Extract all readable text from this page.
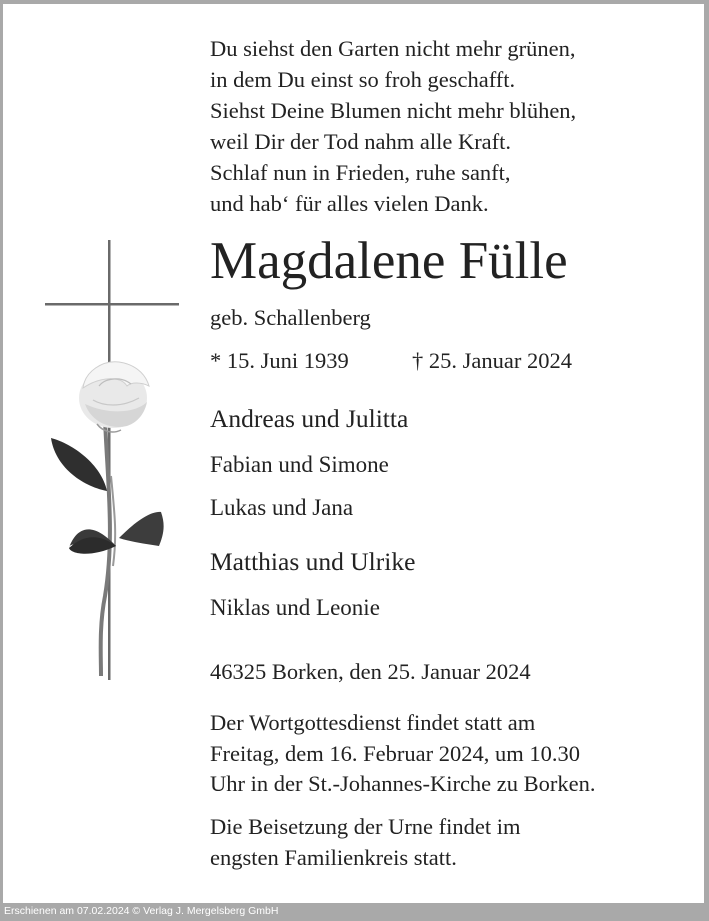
Du siehst den Garten nicht mehr grünen,
in dem Du einst so froh geschafft.
Siehst Deine Blumen nicht mehr blühen,
weil Dir der Tod nahm alle Kraft.
Schlaf nun in Frieden, ruhe sanft,
und hab‘ für alles vielen Dank.
Magdalene Fülle
geb. Schallenberg
* 15. Juni 1939	† 25. Januar 2024
Andreas und Julitta
Fabian und Simone
Lukas und Jana
Matthias und Ulrike
Niklas und Leonie
46325 Borken, den 25. Januar 2024
Der Wortgottesdienst findet statt am
Freitag, dem 16. Februar 2024, um 10.30
Uhr in der St.-Johannes-Kirche zu Borken.
Die Beisetzung der Urne findet im
engsten Familienkreis statt.
Erschienen am 07.02.2024 © Verlag J. Mergelsberg GmbH
